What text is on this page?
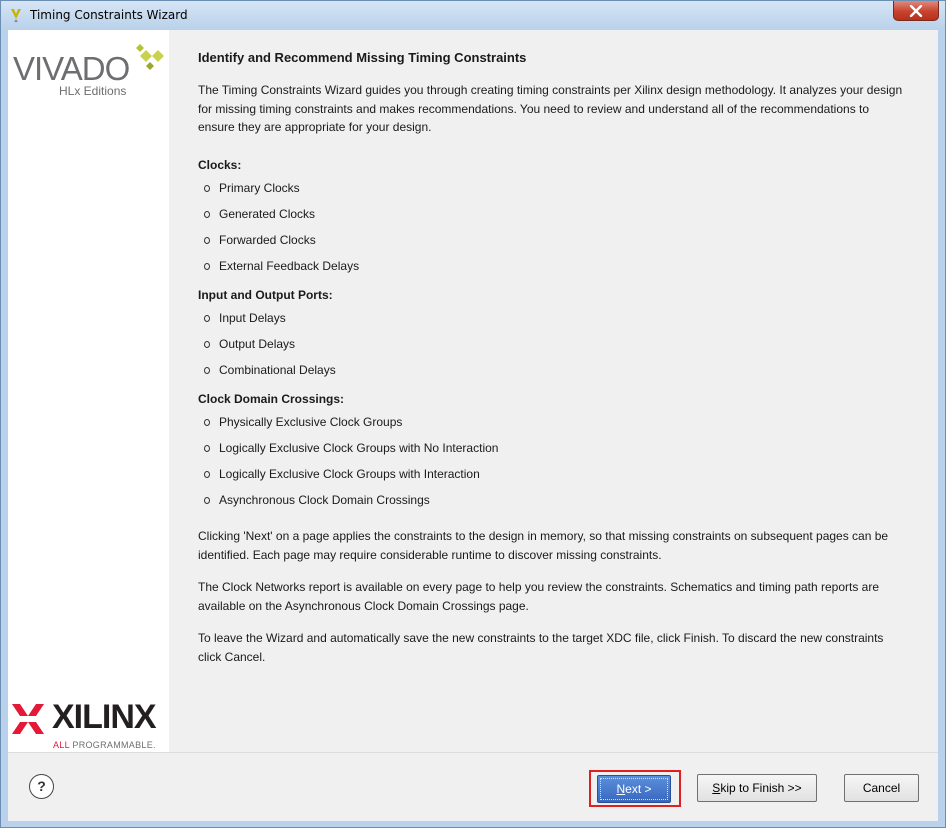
Timing Constraints Wizard
VIVADO
HLx Editions
XILINX
ALL PROGRAMMABLE.
Identify and Recommend Missing Timing Constraints
The Timing Constraints Wizard guides you through creating timing constraints per Xilinx design methodology. It analyzes your design for missing timing constraints and makes recommendations. You need to review and understand all of the recommendations to ensure they are appropriate for your design.
Clocks:
Primary Clocks
Generated Clocks
Forwarded Clocks
External Feedback Delays
Input and Output Ports:
Input Delays
Output Delays
Combinational Delays
Clock Domain Crossings:
Physically Exclusive Clock Groups
Logically Exclusive Clock Groups with No Interaction
Logically Exclusive Clock Groups with Interaction
Asynchronous Clock Domain Crossings
Clicking 'Next' on a page applies the constraints to the design in memory, so that missing constraints on subsequent pages can be identified. Each page may require considerable runtime to discover missing constraints.
The Clock Networks report is available on every page to help you review the constraints. Schematics and timing path reports are available on the Asynchronous Clock Domain Crossings page.
To leave the Wizard and automatically save the new constraints to the target XDC file, click Finish. To discard the new constraints click Cancel.
?	Next >	Skip to Finish >>	Cancel
